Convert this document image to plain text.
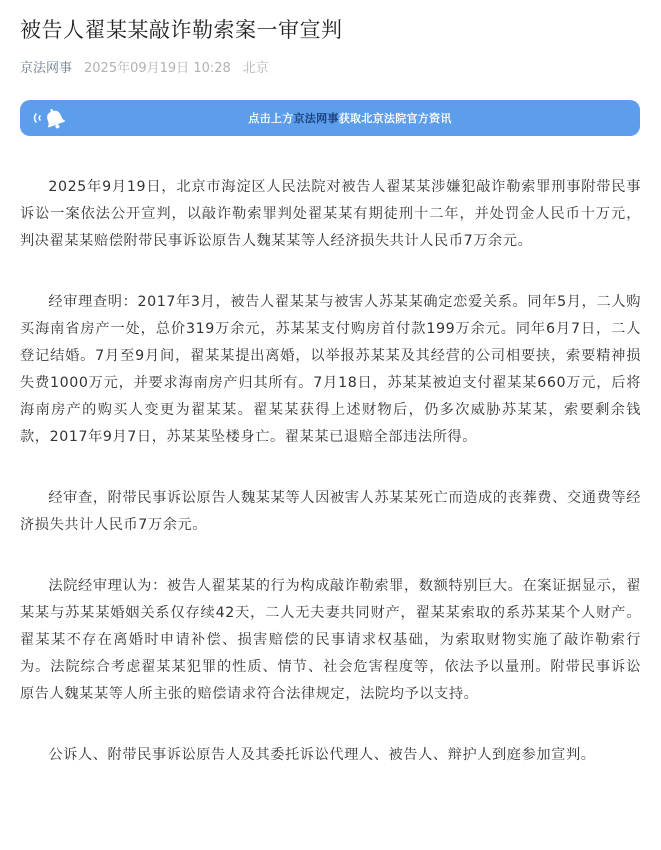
被告人翟某某敲诈勒索案一审宣判
京法网事 2025年09月19日 10:28 北京
点击上方京法网事获取北京法院官方资讯

2025年9月19日，北京市海淀区人民法院对被告人翟某某涉嫌犯敲诈勒索罪刑事附带民事诉讼一案依法公开宣判，以敲诈勒索罪判处翟某某有期徒刑十二年，并处罚金人民币十万元，判决翟某某赔偿附带民事诉讼原告人魏某某等人经济损失共计人民币7万余元。

经审理查明：2017年3月，被告人翟某某与被害人苏某某确定恋爱关系。同年5月，二人购买海南省房产一处，总价319万余元，苏某某支付购房首付款199万余元。同年6月7日，二人登记结婚。7月至9月间，翟某某提出离婚，以举报苏某某及其经营的公司相要挟，索要精神损失费1000万元，并要求海南房产归其所有。7月18日，苏某某被迫支付翟某某660万元，后将海南房产的购买人变更为翟某某。翟某某获得上述财物后，仍多次威胁苏某某，索要剩余钱款，2017年9月7日，苏某某坠楼身亡。翟某某已退赔全部违法所得。

经审查，附带民事诉讼原告人魏某某等人因被害人苏某某死亡而造成的丧葬费、交通费等经济损失共计人民币7万余元。

法院经审理认为：被告人翟某某的行为构成敲诈勒索罪，数额特别巨大。在案证据显示，翟某某与苏某某婚姻关系仅存续42天，二人无夫妻共同财产，翟某某索取的系苏某某个人财产。翟某某不存在离婚时申请补偿、损害赔偿的民事请求权基础，为索取财物实施了敲诈勒索行为。法院综合考虑翟某某犯罪的性质、情节、社会危害程度等，依法予以量刑。附带民事诉讼原告人魏某某等人所主张的赔偿请求符合法律规定，法院均予以支持。

公诉人、附带民事诉讼原告人及其委托诉讼代理人、被告人、辩护人到庭参加宣判。
